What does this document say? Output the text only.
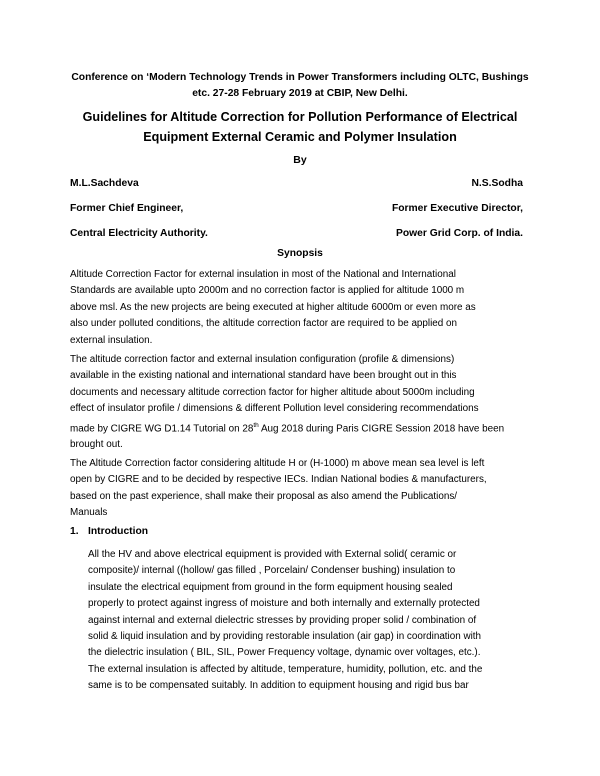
Conference on ‘Modern Technology Trends in Power Transformers including OLTC, Bushings
etc. 27-28 February 2019 at CBIP, New Delhi.
Guidelines for Altitude Correction for Pollution Performance of Electrical
Equipment External Ceramic and Polymer Insulation
By
M.L.Sachdeva	N.S.Sodha
Former Chief Engineer,	Former Executive Director,
Central Electricity Authority.	Power Grid Corp. of India.
Synopsis

Altitude Correction Factor for external insulation in most of the National and International

Standards are available upto 2000m and no correction factor is applied for altitude 1000 m

above msl. As the new projects are being executed at higher altitude 6000m or even more as

also under polluted conditions, the altitude correction factor are required to be applied on

external insulation.

The altitude correction factor and external insulation configuration (profile & dimensions)

available in the existing national and international standard have been brought out in this

documents and necessary altitude correction factor for higher altitude about 5000m including

effect of insulator profile / dimensions & different Pollution level considering recommendations

made by CIGRE WG D1.14 Tutorial on 28th Aug 2018 during Paris CIGRE Session 2018 have been

brought out.

The Altitude Correction factor considering altitude H or (H-1000) m above mean sea level is left

open by CIGRE and to be decided by respective IECs. Indian National bodies & manufacturers,

based on the past experience, shall make their proposal as also amend the Publications/

Manuals

1. Introduction

All the HV and above electrical equipment is provided with External solid( ceramic or

composite)/ internal ((hollow/ gas filled , Porcelain/ Condenser bushing) insulation to

insulate the electrical equipment from ground in the form equipment housing sealed

properly to protect against ingress of moisture and both internally and externally protected

against internal and external dielectric stresses by providing proper solid / combination of

solid & liquid insulation and by providing restorable insulation (air gap) in coordination with

the dielectric insulation ( BIL, SIL, Power Frequency voltage, dynamic over voltages, etc.).

The external insulation is affected by altitude, temperature, humidity, pollution, etc. and the

same is to be compensated suitably. In addition to equipment housing and rigid bus bar
